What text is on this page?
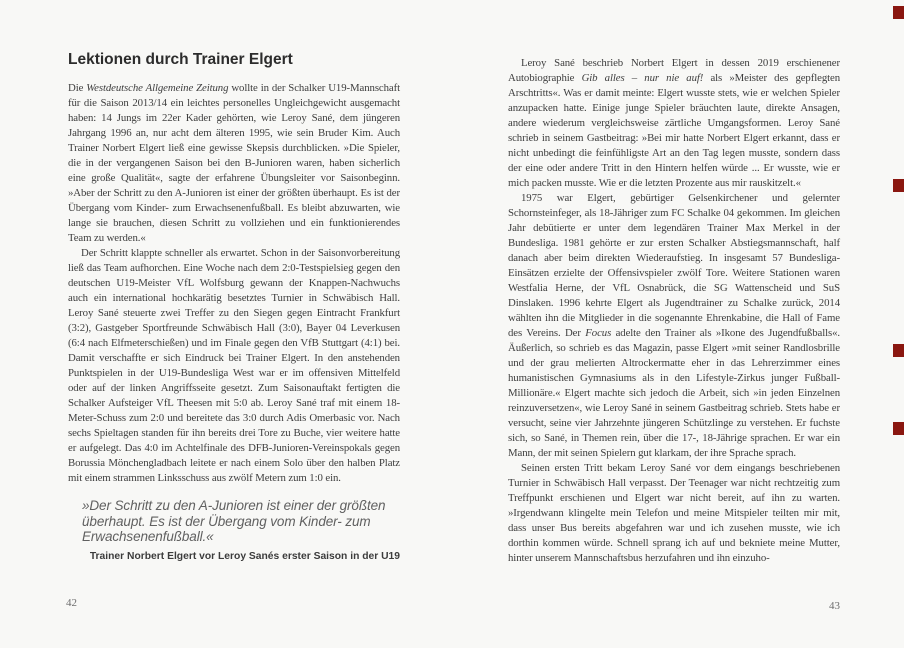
Lektionen durch Trainer Elgert

Die Westdeutsche Allgemeine Zeitung wollte in der Schalker U19-Mannschaft für die Saison 2013/14 ein leichtes personelles Ungleichgewicht ausgemacht haben: 14 Jungs im 22er Kader gehörten, wie Leroy Sané, dem jüngeren Jahrgang 1996 an, nur acht dem älteren 1995, wie sein Bruder Kim. Auch Trainer Norbert Elgert ließ eine gewisse Skepsis durchblicken. »Die Spieler, die in der vergangenen Saison bei den B-Junioren waren, haben sicherlich eine große Qualität«, sagte der erfahrene Übungsleiter vor Saisonbeginn. »Aber der Schritt zu den A-Junioren ist einer der größten überhaupt. Es ist der Übergang vom Kinder- zum Erwachsenenfußball. Es bleibt abzuwarten, wie lange sie brauchen, diesen Schritt zu vollziehen und ein funktionierendes Team zu werden.«

Der Schritt klappte schneller als erwartet. Schon in der Saisonvorbereitung ließ das Team aufhorchen. Eine Woche nach dem 2:0-Testspielsieg gegen den deutschen U19-Meister VfL Wolfsburg gewann der Knappen-Nachwuchs auch ein international hochkarätig besetztes Turnier in Schwäbisch Hall. Leroy Sané steuerte zwei Treffer zu den Siegen gegen Eintracht Frankfurt (3:2), Gastgeber Sportfreunde Schwäbisch Hall (3:0), Bayer 04 Leverkusen (6:4 nach Elfmeterschießen) und im Finale gegen den VfB Stuttgart (4:1) bei. Damit verschaffte er sich Eindruck bei Trainer Elgert. In den anstehenden Punktspielen in der U19-Bundesliga West war er im offensiven Mittelfeld oder auf der linken Angriffsseite gesetzt. Zum Saisonauftakt fertigten die Schalker Aufsteiger VfL Theesen mit 5:0 ab. Leroy Sané traf mit einem 18-Meter-Schuss zum 2:0 und bereitete das 3:0 durch Adis Omerbasic vor. Nach sechs Spieltagen standen für ihn bereits drei Tore zu Buche, vier weitere hatte er aufgelegt. Das 4:0 im Achtelfinale des DFB-Junioren-Vereinspokals gegen Borussia Mönchengladbach leitete er nach einem Solo über den halben Platz mit einem strammen Linksschuss aus zwölf Metern zum 1:0 ein.

»Der Schritt zu den A-Junioren ist einer der größten überhaupt. Es ist der Übergang vom Kinder- zum Erwachsenenfußball.«
Trainer Norbert Elgert vor Leroy Sanés erster Saison in der U19

Leroy Sané beschrieb Norbert Elgert in dessen 2019 erschienener Autobiographie Gib alles – nur nie auf! als »Meister des gepflegten Arschtritts«. Was er damit meinte: Elgert wusste stets, wie er welchen Spieler anzupacken hatte. Einige junge Spieler bräuchten laute, direkte Ansagen, andere wiederum vergleichsweise zärtliche Umgangsformen. Leroy Sané schrieb in seinem Gastbeitrag: »Bei mir hatte Norbert Elgert erkannt, dass er nicht unbedingt die feinfühligste Art an den Tag legen musste, sondern dass der eine oder andere Tritt in den Hintern helfen würde ... Er wusste, wie er mich packen musste. Wie er die letzten Prozente aus mir rauskitzelt.«

1975 war Elgert, gebürtiger Gelsenkirchener und gelernter Schornsteinfeger, als 18-Jähriger zum FC Schalke 04 gekommen. Im gleichen Jahr debütierte er unter dem legendären Trainer Max Merkel in der Bundesliga. 1981 gehörte er zur ersten Schalker Abstiegsmannschaft, half danach aber beim direkten Wiederaufstieg. In insgesamt 57 Bundesliga-Einsätzen erzielte der Offensivspieler zwölf Tore. Weitere Stationen waren Westfalia Herne, der VfL Osnabrück, die SG Wattenscheid und SuS Dinslaken. 1996 kehrte Elgert als Jugendtrainer zu Schalke zurück, 2014 wählten ihn die Mitglieder in die sogenannte Ehrenkabine, die Hall of Fame des Vereins. Der Focus adelte den Trainer als »Ikone des Jugendfußballs«. Äußerlich, so schrieb es das Magazin, passe Elgert »mit seiner Randlosbrille und der grau melierten Altrockermatte eher in das Lehrerzimmer eines humanistischen Gymnasiums als in den Lifestyle-Zirkus junger Fußball-Millionäre.« Elgert machte sich jedoch die Arbeit, sich »in jeden Einzelnen reinzuversetzen«, wie Leroy Sané in seinem Gastbeitrag schrieb. Stets habe er versucht, seine vier Jahrzehnte jüngeren Schützlinge zu verstehen. Er fuchste sich, so Sané, in Themen rein, über die 17-, 18-Jährige sprachen. Er war ein Mann, der mit seinen Spielern gut klarkam, der ihre Sprache sprach.

Seinen ersten Tritt bekam Leroy Sané vor dem eingangs beschriebenen Turnier in Schwäbisch Hall verpasst. Der Teenager war nicht rechtzeitig zum Treffpunkt erschienen und Elgert war nicht bereit, auf ihn zu warten. »Irgendwann klingelte mein Telefon und meine Mitspieler teilten mir mit, dass unser Bus bereits abgefahren war und ich zusehen musste, wie ich dorthin kommen würde. Schnell sprang ich auf und bekniete meine Mutter, hinter unserem Mannschaftsbus herzufahren und ihn einzuho-

42	43
